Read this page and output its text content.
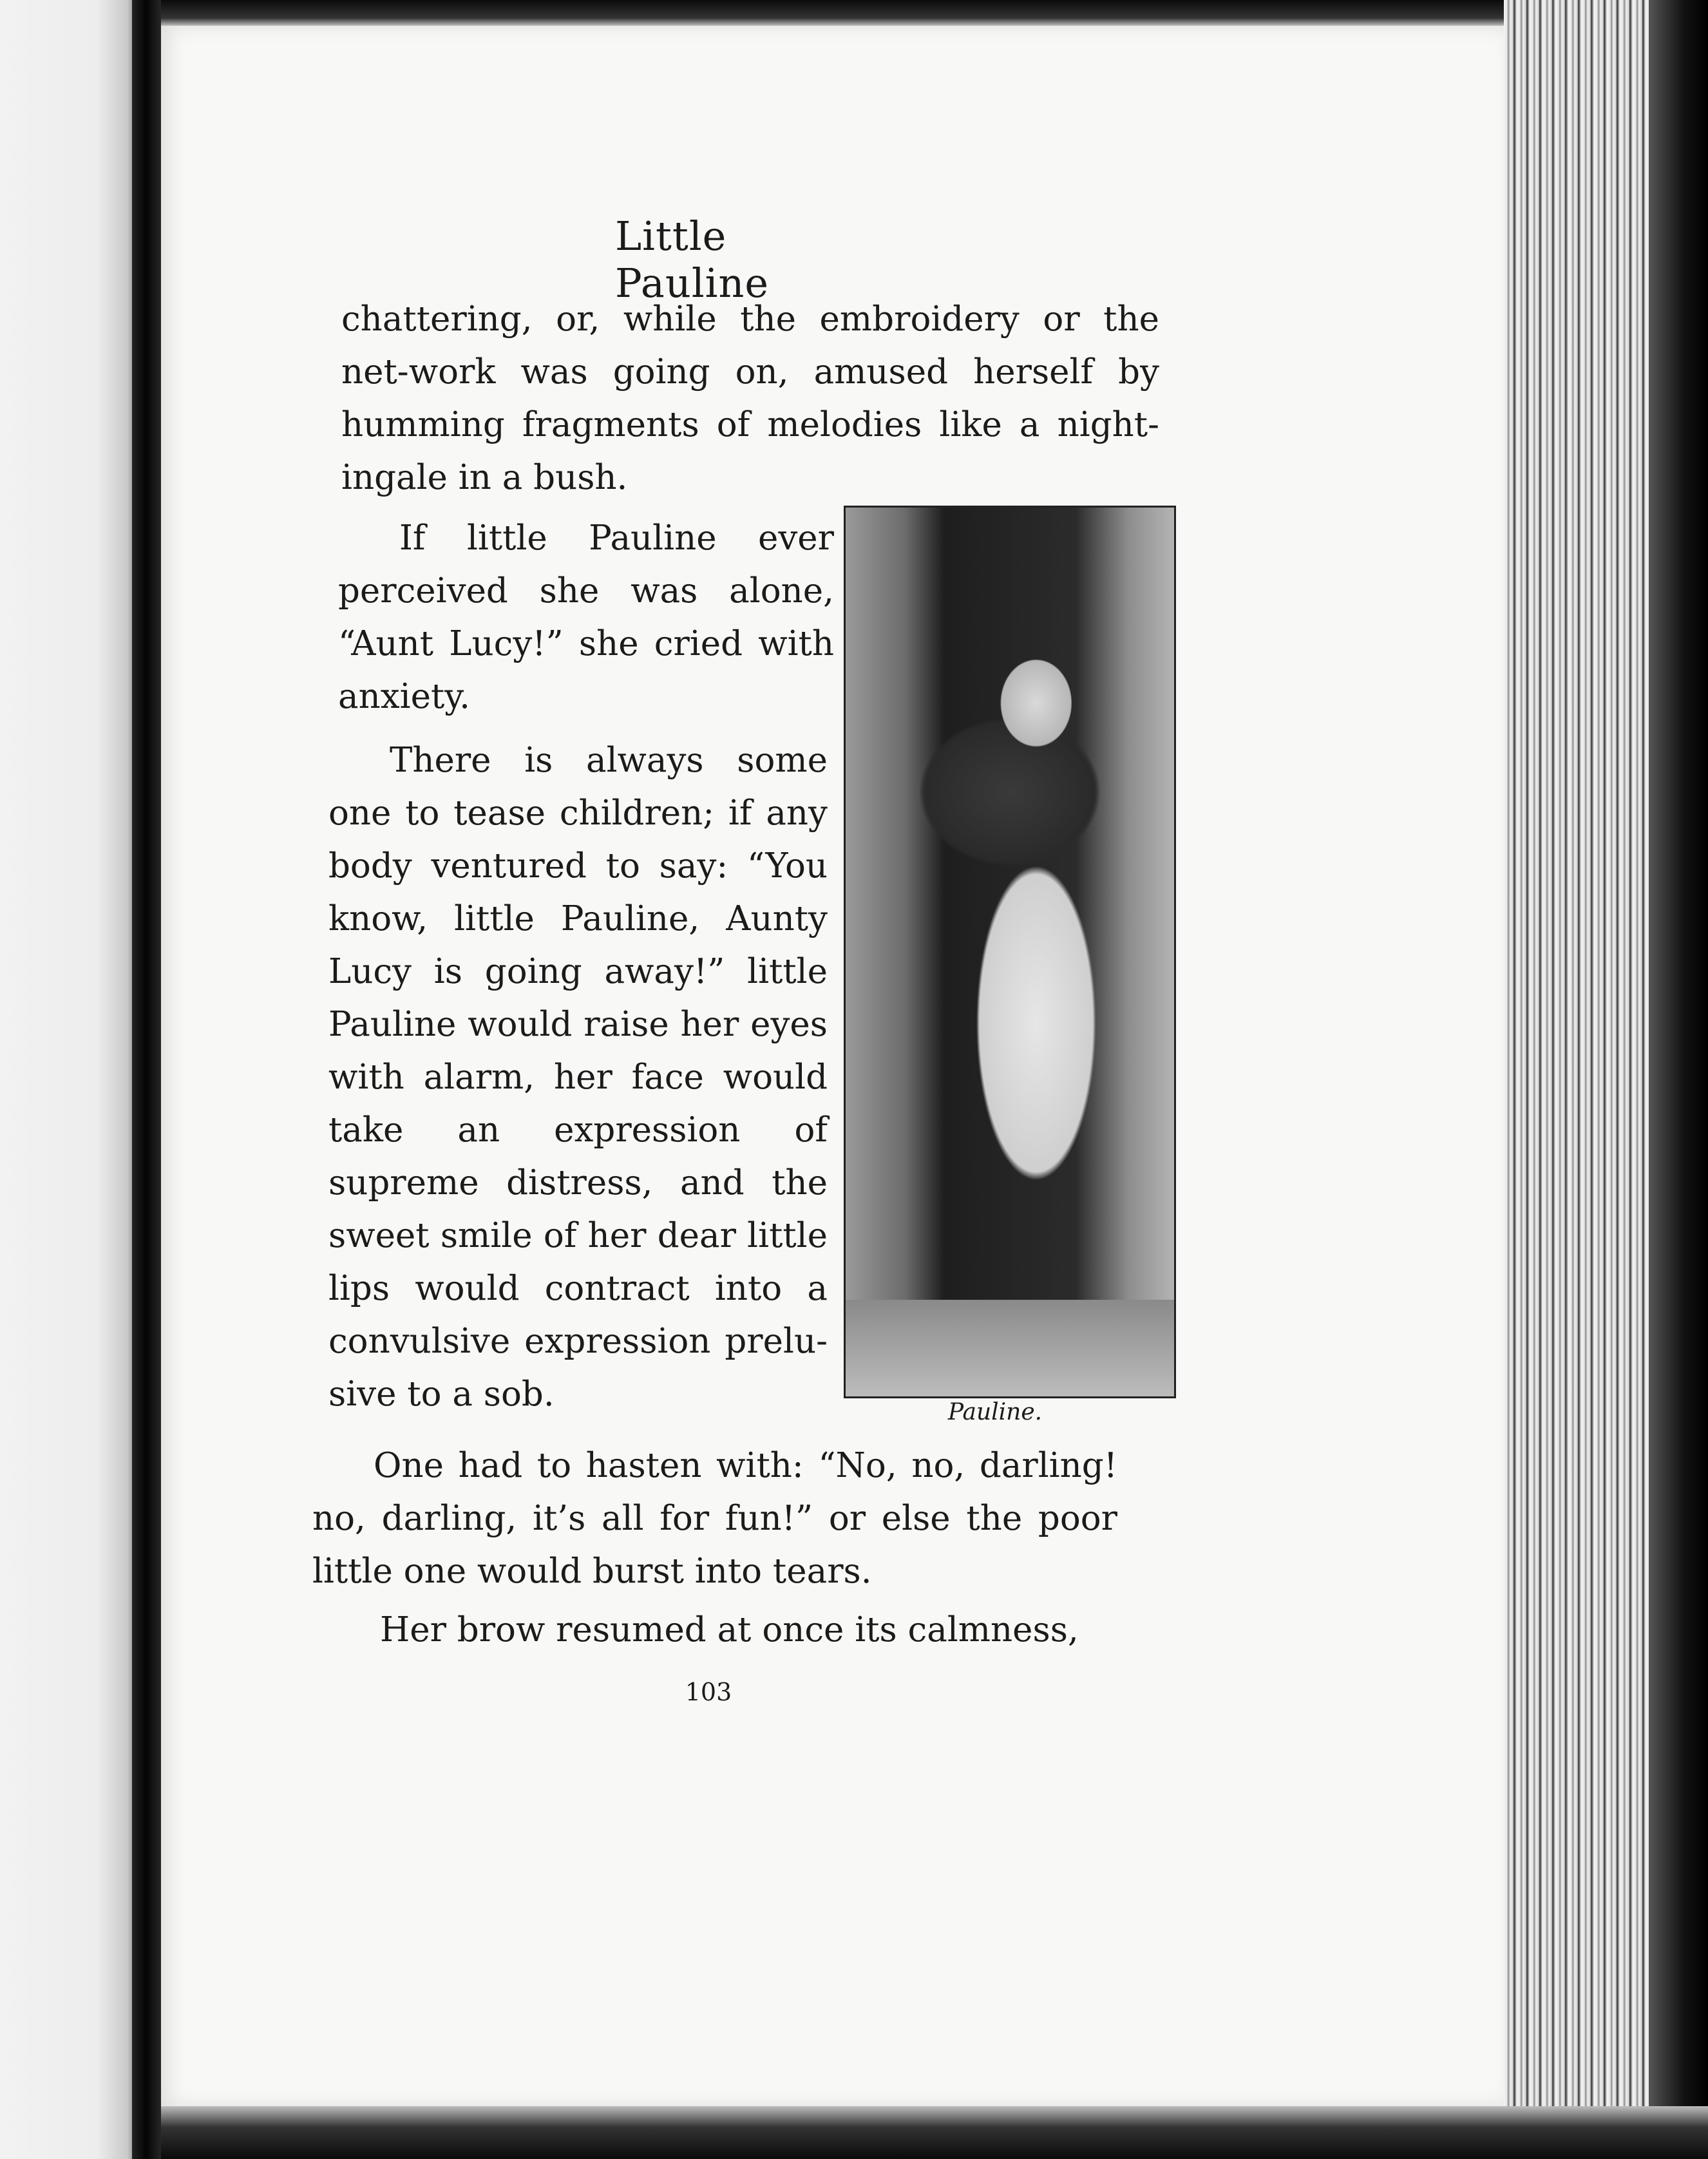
Little Pauline

chattering, or, while the embroidery or the net-work was going on, amused herself by humming fragments of melodies like a night-ingale in a bush.

If little Pauline ever perceived she was alone, “Aunt Lucy!” she cried with anxiety.

There is always some one to tease children; if any body ventured to say: “You know, little Pauline, Aunty Lucy is going away!” little Pauline would raise her eyes with alarm, her face would take an expression of supreme distress, and the sweet smile of her dear little lips would contract into a convulsive expression prelu-sive to a sob.	Pauline.

One had to hasten with: “No, no, darling! no, darling, it’s all for fun!” or else the poor little one would burst into tears.

Her brow resumed at once its calmness,

103
